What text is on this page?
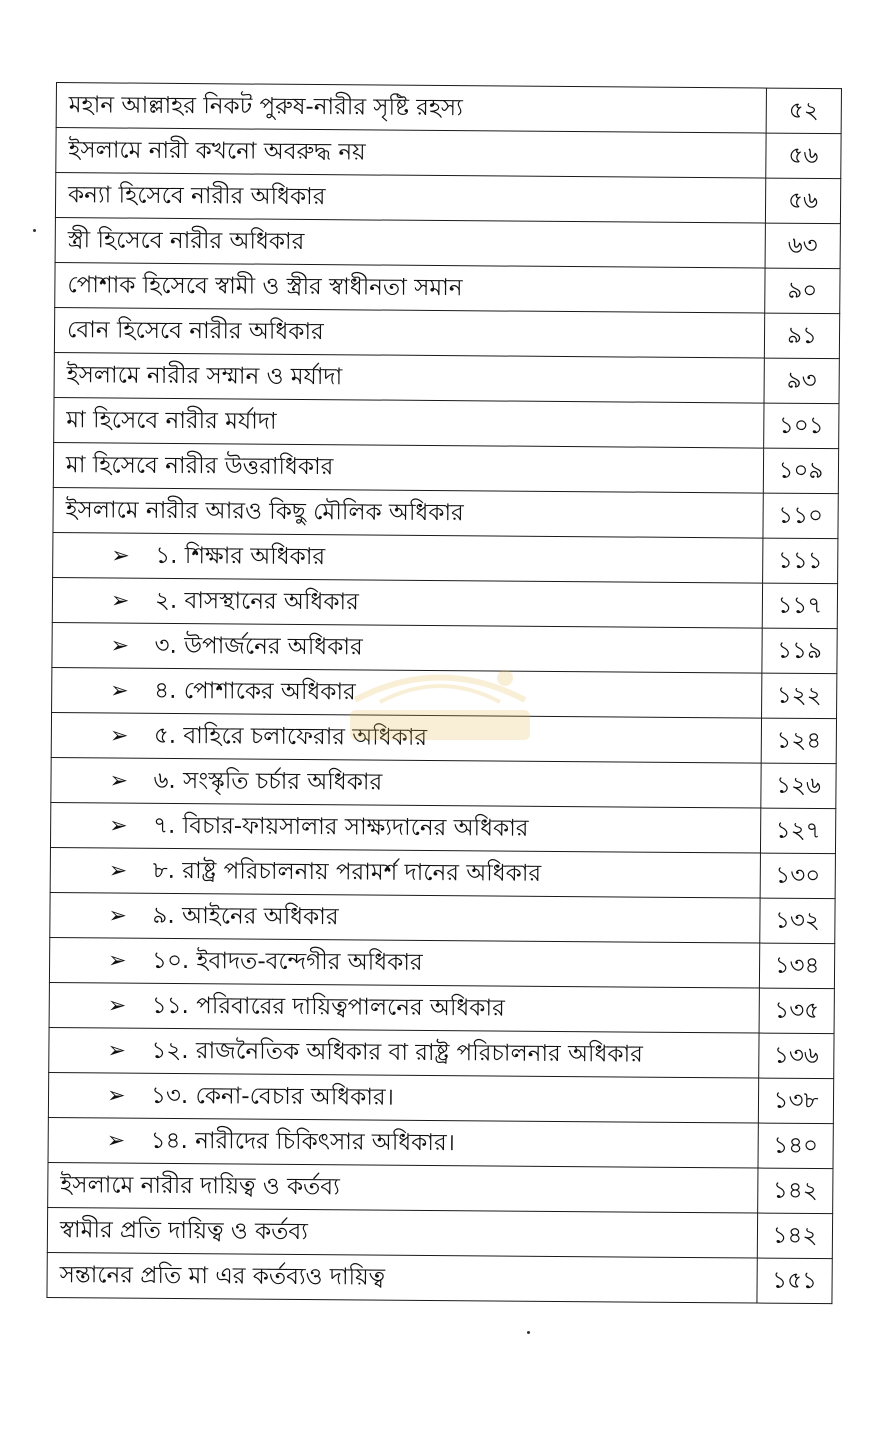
মহান আল্লাহর নিকট পুরুষ-নারীর সৃষ্টি রহস্য	৫২
ইসলামে নারী কখনো অবরুদ্ধ নয়	৫৬
কন্যা হিসেবে নারীর অধিকার	৫৬
স্ত্রী হিসেবে নারীর অধিকার	৬৩
পোশাক হিসেবে স্বামী ও স্ত্রীর স্বাধীনতা সমান	৯০
বোন হিসেবে নারীর অধিকার	৯১
ইসলামে নারীর সম্মান ও মর্যাদা	৯৩
মা হিসেবে নারীর মর্যাদা	১০১
মা হিসেবে নারীর উত্তরাধিকার	১০৯
ইসলামে নারীর আরও কিছু মৌলিক অধিকার	১১০
➢ ১. শিক্ষার অধিকার	১১১
➢ ২. বাসস্থানের অধিকার	১১৭
➢ ৩. উপার্জনের অধিকার	১১৯
➢ ৪. পোশাকের অধিকার	১২২
➢ ৫. বাহিরে চলাফেরার অধিকার	১২৪
➢ ৬. সংস্কৃতি চর্চার অধিকার	১২৬
➢ ৭. বিচার-ফায়সালার সাক্ষ্যদানের অধিকার	১২৭
➢ ৮. রাষ্ট্র পরিচালনায় পরামর্শ দানের অধিকার	১৩০
➢ ৯. আইনের অধিকার	১৩২
➢ ১০. ইবাদত-বন্দেগীর অধিকার	১৩৪
➢ ১১. পরিবারের দায়িত্বপালনের অধিকার	১৩৫
➢ ১২. রাজনৈতিক অধিকার বা রাষ্ট্র পরিচালনার অধিকার	১৩৬
➢ ১৩. কেনা-বেচার অধিকার।	১৩৮
➢ ১৪. নারীদের চিকিৎসার অধিকার।	১৪০
ইসলামে নারীর দায়িত্ব ও কর্তব্য	১৪২
স্বামীর প্রতি দায়িত্ব ও কর্তব্য	১৪২
সন্তানের প্রতি মা এর কর্তব্যও দায়িত্ব	১৫১
